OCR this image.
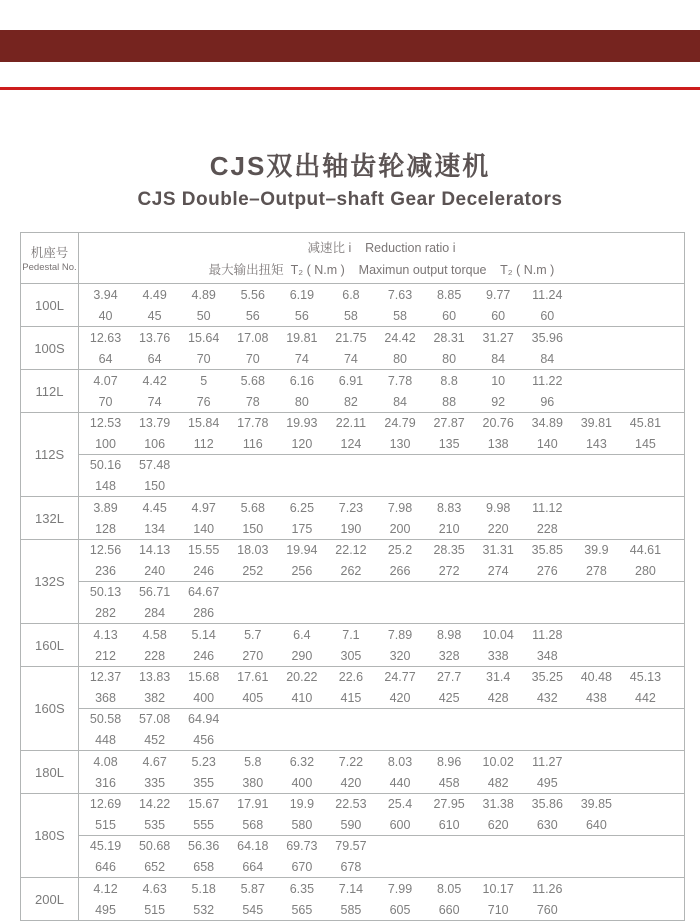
CJS双出轴齿轮减速机
CJS Double–Output–shaft Gear Decelerators
机座号
Pedestal No.
减速比 i    Reduction ratio i
最大输出扭矩  T₂ ( N.m )    Maximun output torque    T₂ ( N.m )
100L
3.94	4.49	4.89	5.56	6.19	6.8	7.63	8.85	9.77	11.24
40	45	50	56	56	58	58	60	60	60
100S
12.63	13.76	15.64	17.08	19.81	21.75	24.42	28.31	31.27	35.96
64	64	70	70	74	74	80	80	84	84
112L
4.07	4.42	5	5.68	6.16	6.91	7.78	8.8	10	11.22
70	74	76	78	80	82	84	88	92	96
112S
12.53	13.79	15.84	17.78	19.93	22.11	24.79	27.87	20.76	34.89	39.81	45.81
100	106	112	116	120	124	130	135	138	140	143	145
50.16	57.48
148	150
132L
3.89	4.45	4.97	5.68	6.25	7.23	7.98	8.83	9.98	11.12
128	134	140	150	175	190	200	210	220	228
132S
12.56	14.13	15.55	18.03	19.94	22.12	25.2	28.35	31.31	35.85	39.9	44.61
236	240	246	252	256	262	266	272	274	276	278	280
50.13	56.71	64.67
282	284	286
160L
4.13	4.58	5.14	5.7	6.4	7.1	7.89	8.98	10.04	11.28
212	228	246	270	290	305	320	328	338	348
160S
12.37	13.83	15.68	17.61	20.22	22.6	24.77	27.7	31.4	35.25	40.48	45.13
368	382	400	405	410	415	420	425	428	432	438	442
50.58	57.08	64.94
448	452	456
180L
4.08	4.67	5.23	5.8	6.32	7.22	8.03	8.96	10.02	11.27
316	335	355	380	400	420	440	458	482	495
180S
12.69	14.22	15.67	17.91	19.9	22.53	25.4	27.95	31.38	35.86	39.85
515	535	555	568	580	590	600	610	620	630	640
45.19	50.68	56.36	64.18	69.73	79.57
646	652	658	664	670	678
200L
4.12	4.63	5.18	5.87	6.35	7.14	7.99	8.05	10.17	11.26
495	515	532	545	565	585	605	660	710	760
